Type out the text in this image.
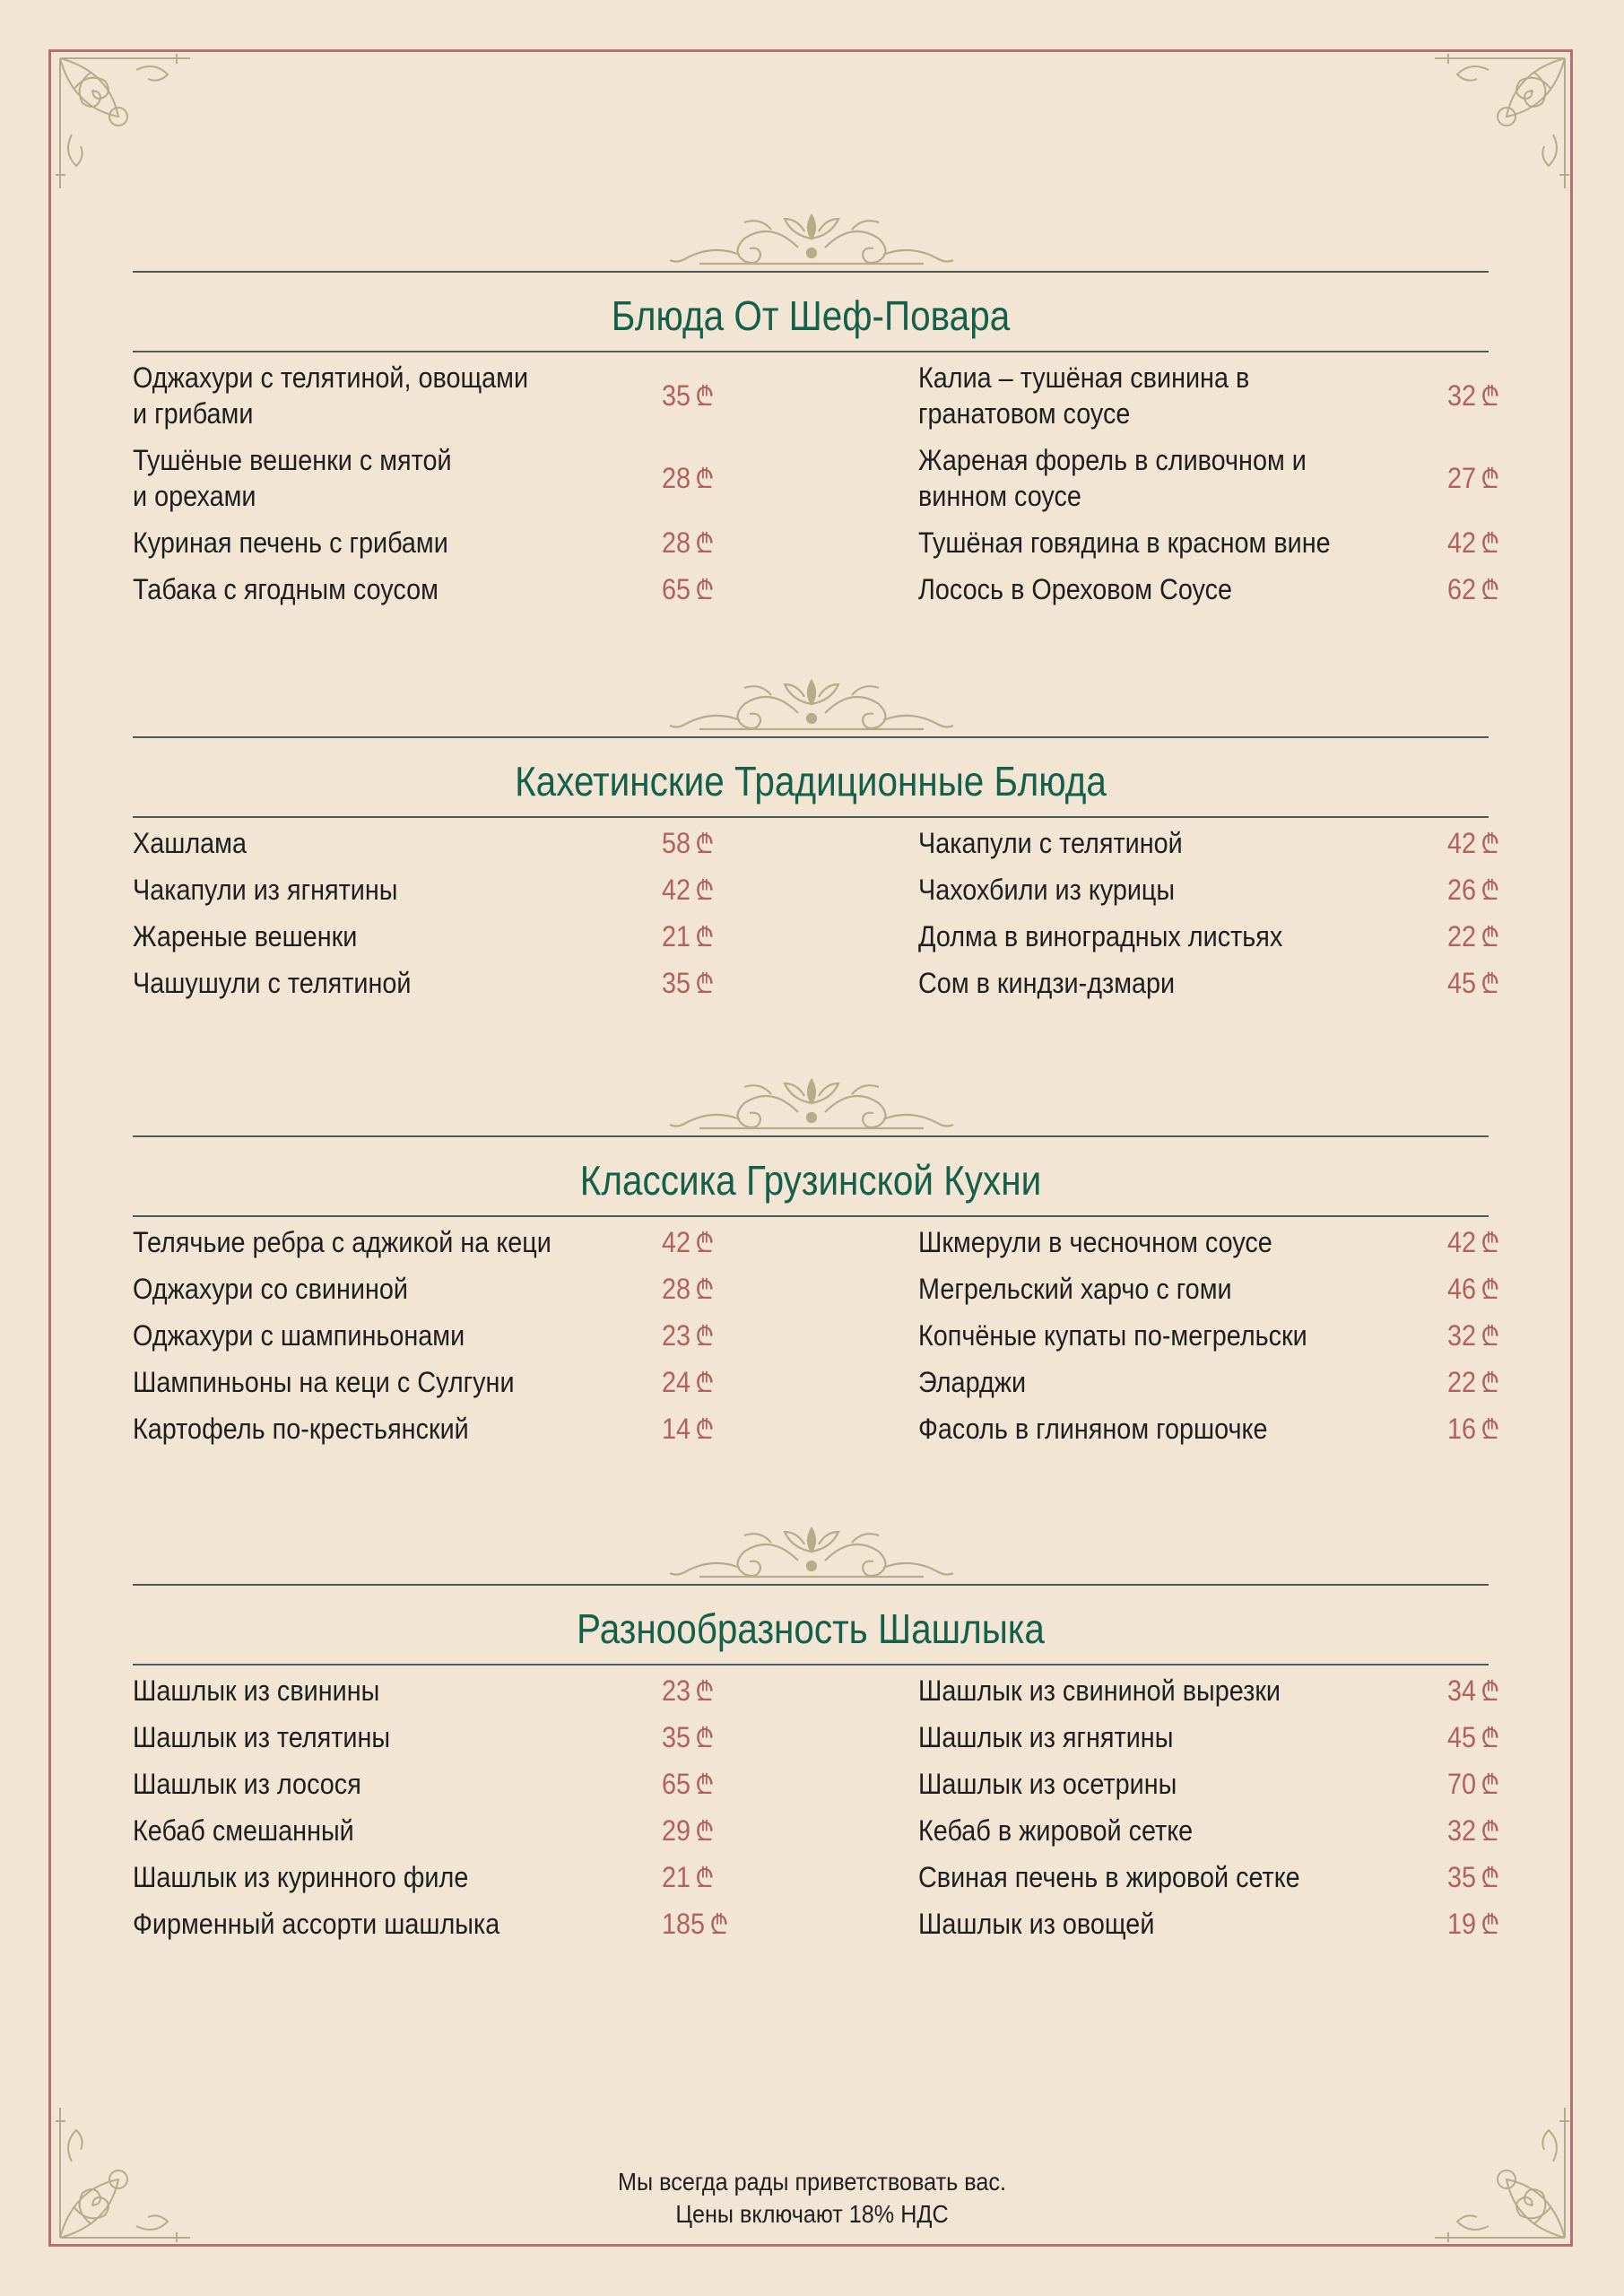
Блюда От Шеф-Повара
Оджахури с телятиной, овощами
и грибами
35 ₾
Тушёные вешенки с мятой
и орехами
28 ₾
Куриная печень с грибами	28 ₾
Табака с ягодным соусом	65 ₾
Калиа – тушёная свинина в
гранатовом соусе
32 ₾
Жареная форель в сливочном и
винном соусе
27 ₾
Тушёная говядина в красном вине	42 ₾
Лосось в Ореховом Соусе	62 ₾
Кахетинские Традиционные Блюда
Хашлама	58 ₾
Чакапули из ягнятины	42 ₾
Жареные вешенки	21 ₾
Чашушули с телятиной	35 ₾
Чакапули с телятиной	42 ₾
Чахохбили из курицы	26 ₾
Долма в виноградных листьях	22 ₾
Сом в киндзи-дзмари	45 ₾
Классика Грузинской Кухни
Телячьие ребра с аджикой на кеци	42 ₾
Оджахури со свининой	28 ₾
Оджахури с шампиньонами	23 ₾
Шампиньоны на кеци с Сулгуни	24 ₾
Картофель по-крестьянский	14 ₾
Шкмерули в чесночном соусе	42 ₾
Мегрельский харчо с гоми	46 ₾
Копчёные купаты по-мегрельски	32 ₾
Эларджи	22 ₾
Фасоль в глиняном горшочке	16 ₾
Разнообразность Шашлыка
Шашлык из свинины	23 ₾
Шашлык из телятины	35 ₾
Шашлык из лосося	65 ₾
Кебаб смешанный	29 ₾
Шашлык из куринного филе	21 ₾
Фирменный ассорти шашлыка	185 ₾
Шашлык из свининой вырезки	34 ₾
Шашлык из ягнятины	45 ₾
Шашлык из осетрины	70 ₾
Кебаб в жировой сетке	32 ₾
Свиная печень в жировой сетке	35 ₾
Шашлык из овощей	19 ₾
Мы всегда рады приветствовать вас.
Цены включают 18% НДС
